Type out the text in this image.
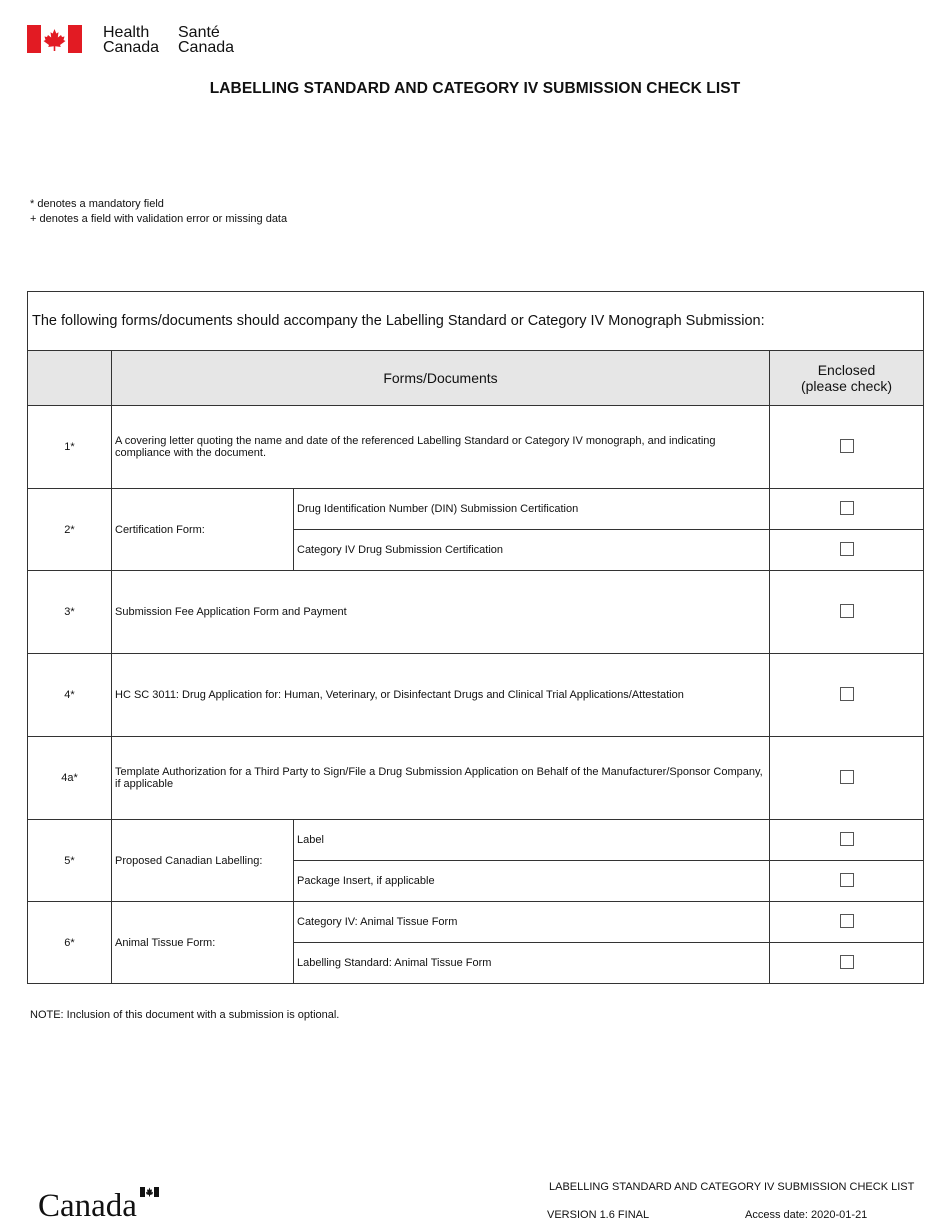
Health
Canada
Santé
Canada
LABELLING STANDARD AND CATEGORY IV SUBMISSION CHECK LIST
* denotes a mandatory field
+ denotes a field with validation error or missing data
The following forms/documents should accompany the Labelling Standard or Category IV Monograph Submission:			
	Forms/Documents		Enclosed
(please check)
1*	A covering letter quoting the name and date of the referenced Labelling Standard or Category IV monograph, and indicating compliance with the document.		
2*	Certification Form:	Drug Identification Number (DIN) Submission Certification	
		Category IV Drug Submission Certification	
3*	Submission Fee Application Form and Payment		
4*	HC SC 3011: Drug Application for: Human, Veterinary, or Disinfectant Drugs and Clinical Trial Applications/Attestation		
4a*	Template Authorization for a Third Party to Sign/File a Drug Submission Application on Behalf of the Manufacturer/Sponsor Company, if applicable		
5*	Proposed Canadian Labelling:	Label	
		Package Insert, if applicable	
6*	Animal Tissue Form:	Category IV: Animal Tissue Form	
		Labelling Standard: Animal Tissue Form	
NOTE: Inclusion of this document with a submission is optional.
Canada
LABELLING STANDARD AND CATEGORY IV SUBMISSION CHECK LIST
VERSION 1.6 FINAL	Access date: 2020-01-21
